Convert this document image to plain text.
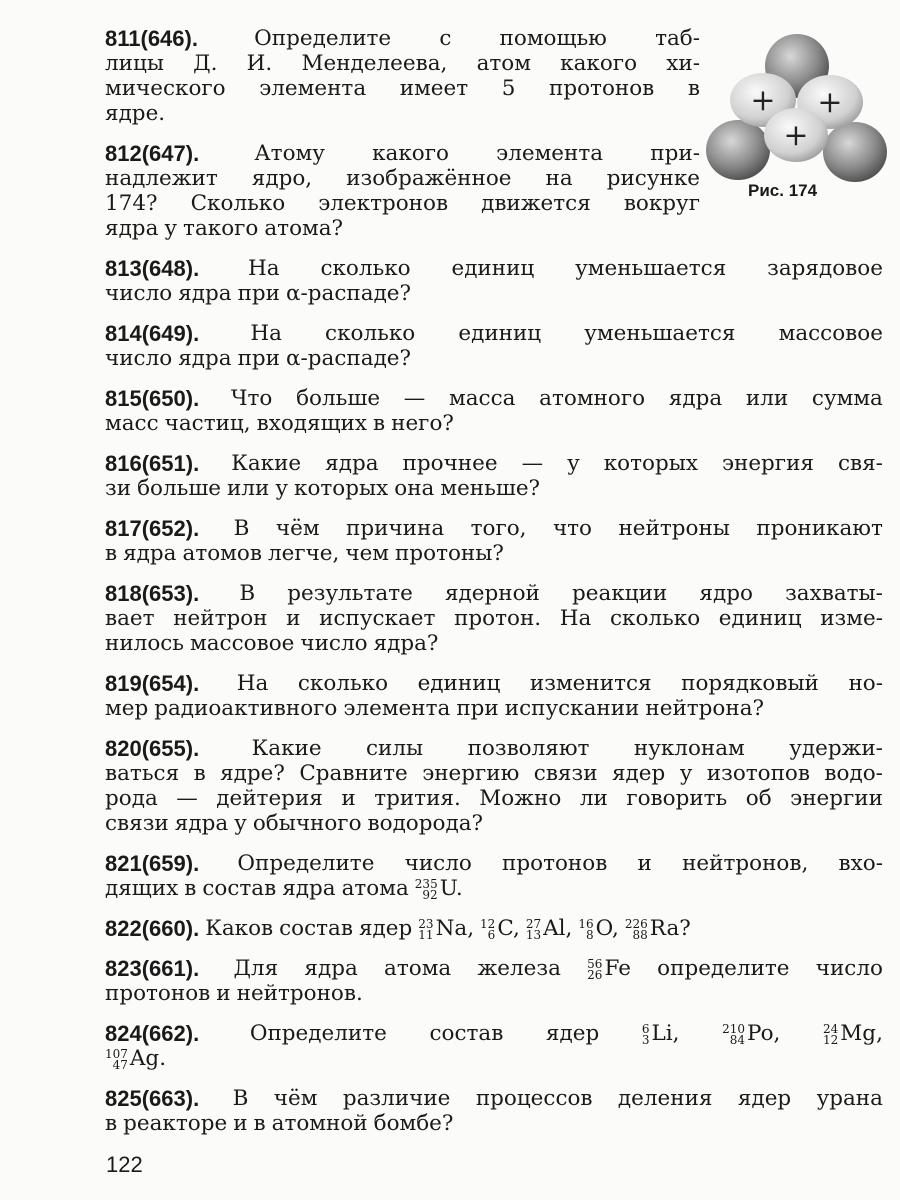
811(646).	Определите с помощью таб-
лицы Д. И. Менделеева, атом какого хи-
мического элемента имеет 5 протонов в
ядре.
812(647).	Атому какого элемента при-
надлежит ядро, изображённое на рисунке
174? Сколько электронов движется вокруг
ядра у такого атома?
813(648). На сколько единиц уменьшается зарядовое
число ядра при α-распаде?
814(649). На сколько единиц уменьшается массовое
число ядра при α-распаде?
815(650). Что больше — масса атомного ядра или сумма
масс частиц, входящих в него?
816(651). Какие ядра прочнее — у которых энергия свя-
зи больше или у которых она меньше?
817(652). В чём причина того, что нейтроны проникают
в ядра атомов легче, чем протоны?
818(653). В результате ядерной реакции ядро захваты-
вает нейтрон и испускает протон. На сколько единиц изме-
нилось массовое число ядра?
819(654). На сколько единиц изменится порядковый но-
мер радиоактивного элемента при испускании нейтрона?
820(655). Какие силы позволяют нуклонам удержи-
ваться в ядре? Сравните энергию связи ядер у изотопов водо-
рода — дейтерия и трития. Можно ли говорить об энергии
связи ядра у обычного водорода?
821(659). Определите число протонов и нейтронов, вхо-
дящих в состав ядра атома 235
92 U.
822(660). Каков состав ядер 23
11 Na, 12
6 C, 27
13 Al, 16
8 O, 226
88 Ra?
823(661). Для ядра атома железа 56
26 Fe определите число
протонов и нейтронов.
824(662). Определите состав ядер	6
3 Li,	210
84 Po,	24
12 Mg,
107
47 Ag.
825(663). В чём различие процессов деления ядер урана
в реакторе и в атомной бомбе?
+ +
+
Рис. 174
122
